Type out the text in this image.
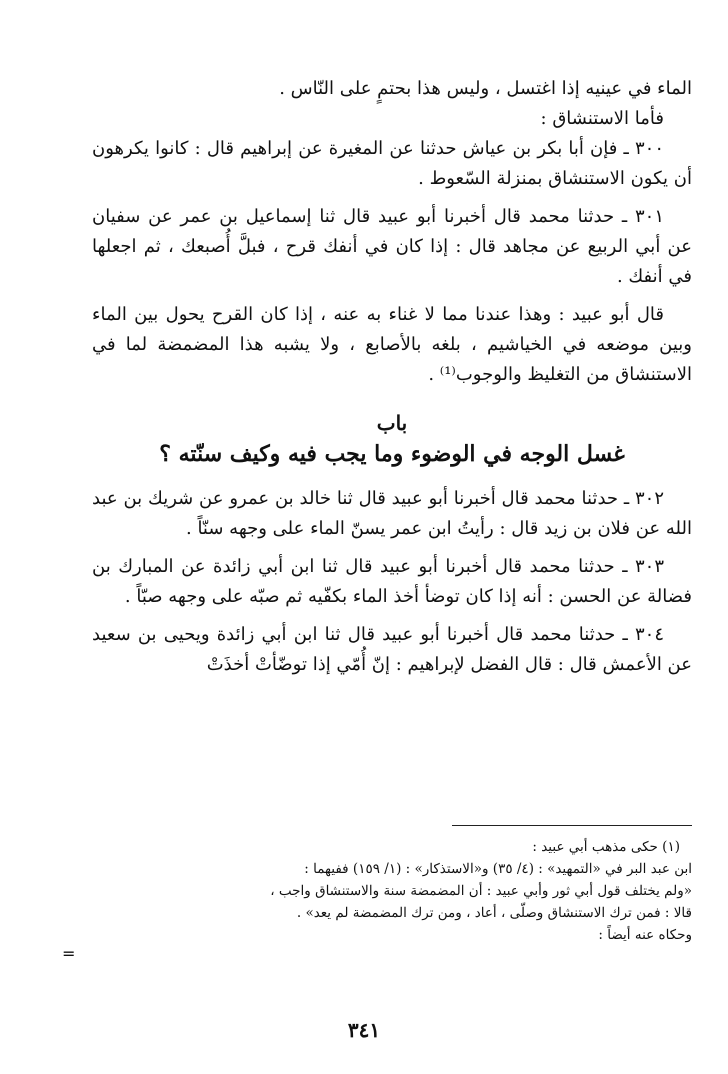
الماء في عينيه إذا اغتسل ، وليس هذا بحتمٍ على النّاس .

فأما الاستنشاق :

٣٠٠ ـ فإن أبا بكر بن عياش حدثنا عن المغيرة عن إبراهيم قال : كانوا يكرهون أن يكون الاستنشاق بمنزلة السّعوط .

٣٠١ ـ حدثنا محمد قال أخبرنا أبو عبيد قال ثنا إسماعيل بن عمر عن سفيان عن أبي الربيع عن مجاهد قال : إذا كان في أنفك قرح ، فبلَّ أُصبعك ، ثم اجعلها في أنفك .

قال أبو عبيد : وهذا عندنا مما لا غناء به عنه ، إذا كان القرح يحول بين الماء وبين موضعه في الخياشيم ، بلغه بالأصابع ، ولا يشبه هذا المضمضة لما في الاستنشاق من التغليظ والوجوب⁽¹⁾ .

باب
غسل الوجه في الوضوء وما يجب فيه وكيف سنّته ؟

٣٠٢ ـ حدثنا محمد قال أخبرنا أبو عبيد قال ثنا خالد بن عمرو عن شريك بن عبد الله عن فلان بن زيد قال : رأيتُ ابن عمر يسنّ الماء على وجهه سنّاً .

٣٠٣ ـ حدثنا محمد قال أخبرنا أبو عبيد قال ثنا ابن أبي زائدة عن المبارك بن فضالة عن الحسن : أنه إذا كان توضأ أخذ الماء بكفّيه ثم صبّه على وجهه صبّاً .

٣٠٤ ـ حدثنا محمد قال أخبرنا أبو عبيد قال ثنا ابن أبي زائدة ويحيى بن سعيد عن الأعمش قال : قال الفضل لإبراهيم : إنّ أُمّي إذا توضّأتْ أخذَتْ

(١) حكى مذهب أبي عبيد :

ابن عبد البر في «التمهيد» : (٤/ ٣٥) و«الاستذكار» : (١/ ١٥٩) ففيهما :

«ولم يختلف قول أبي ثور وأبي عبيد : أن المضمضة سنة والاستنشاق واجب ،

قالا : فمن ترك الاستنشاق وصلّى ، أعاد ، ومن ترك المضمضة لم يعد» .

وحكاه عنه أيضاً :

=
٣٤١
